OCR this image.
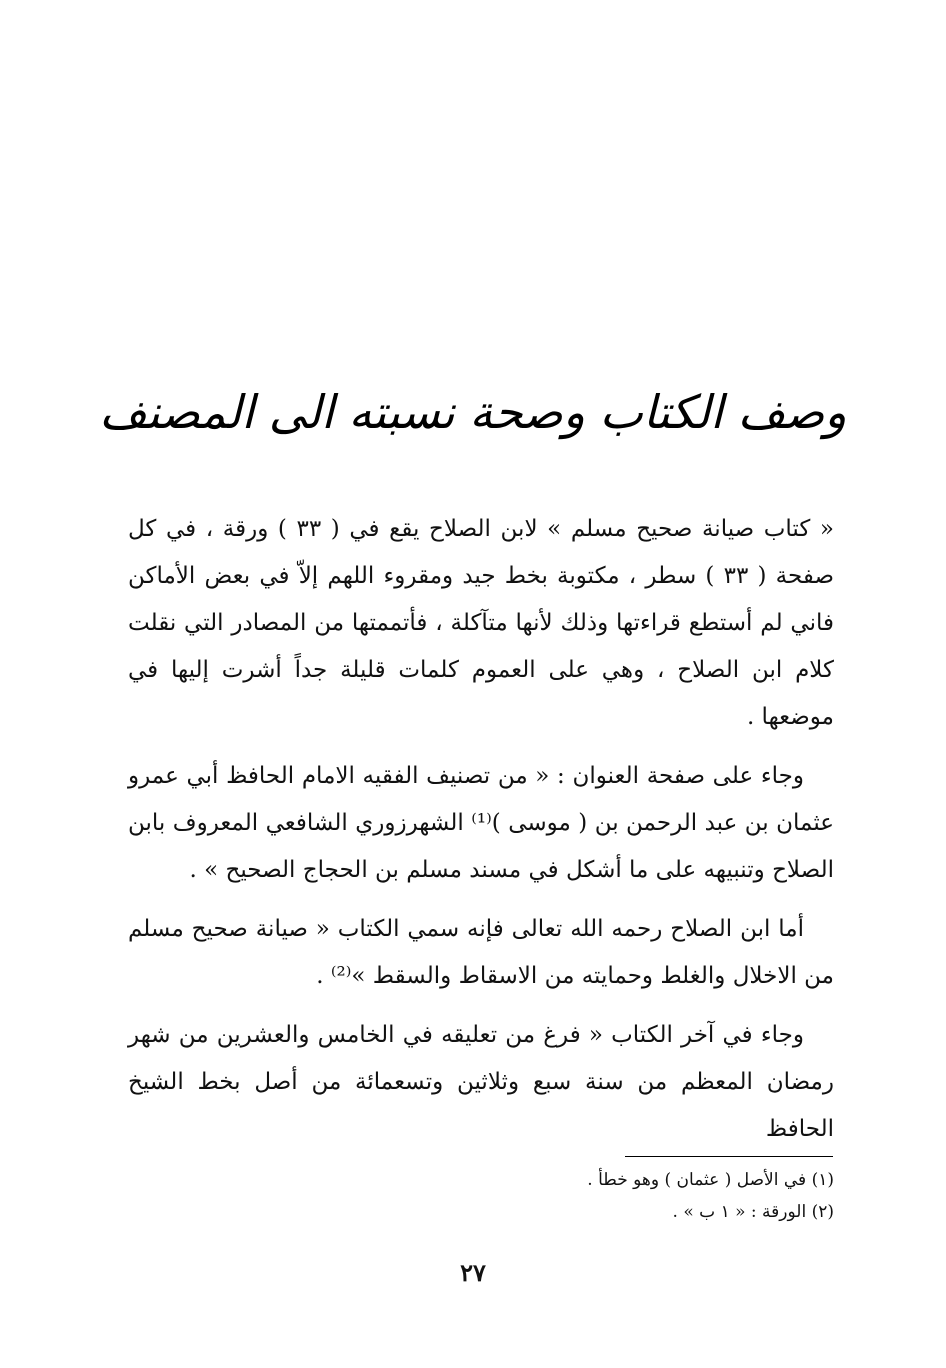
وصف الكتاب وصحة نسبته الى المصنف

« كتاب صيانة صحيح مسلم » لابن الصلاح يقع في ( ٣٣ ) ورقة ، في كل صفحة ( ٣٣ ) سطر ، مكتوبة بخط جيد ومقروء اللهم إلاّ في بعض الأماكن فاني لم أستطع قراءتها وذلك لأنها متآكلة ، فأتممتها من المصادر التي نقلت كلام ابن الصلاح ، وهي على العموم كلمات قليلة جداً أشرت إليها في موضعها .

وجاء على صفحة العنوان : « من تصنيف الفقيه الامام الحافظ أبي عمرو عثمان بن عبد الرحمن بن ( موسى )⁽¹⁾ الشهرزوري الشافعي المعروف بابن الصلاح وتنبيهه على ما أشكل في مسند مسلم بن الحجاج الصحيح » .

أما ابن الصلاح رحمه الله تعالى فإنه سمي الكتاب « صيانة صحيح مسلم من الاخلال والغلط وحمايته من الاسقاط والسقط »⁽²⁾ .

وجاء في آخر الكتاب « فرغ من تعليقه في الخامس والعشرين من شهر رمضان المعظم من سنة سبع وثلاثين وتسعمائة من أصل بخط الشيخ الحافظ

(١) في الأصل ( عثمان ) وهو خطأ .

(٢) الورقة : « ١ ب » .

٢٧
